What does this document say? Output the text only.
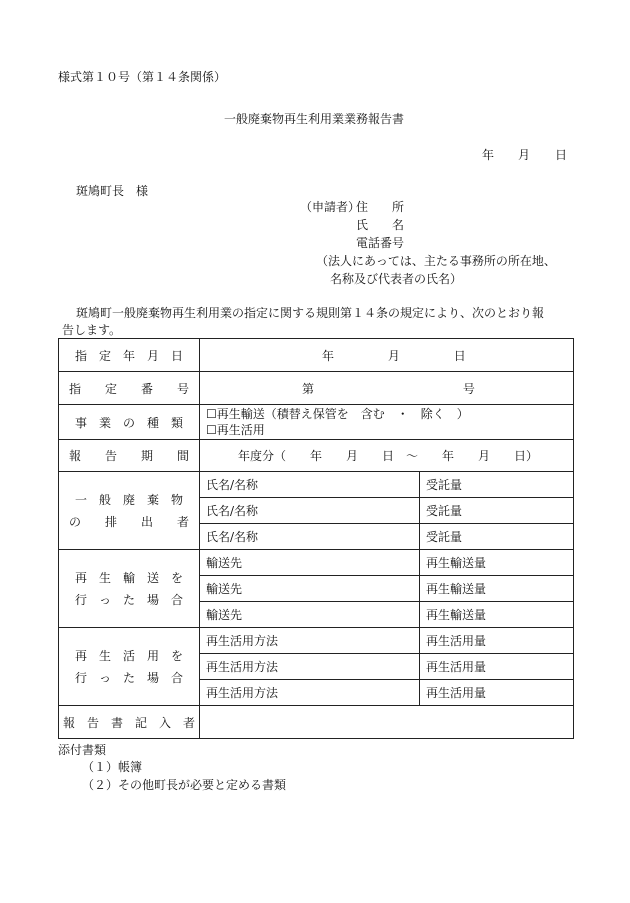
様式第１０号（第１４条関係）
一般廃棄物再生利用業業務報告書
年 月 日
斑鳩町長　様
（申請者）
住　　所
氏　　名
電話番号
（法人にあっては、主たる事務所の所在地、
名称及び代表者の氏名）
斑鳩町一般廃棄物再生利用業の指定に関する規則第１４条の規定により、次のとおり報
告します。
指　定　年　月　日	年 月 日	
指　　定　　番　　号	第 号	
事　業　の　種　類	☐再生輸送（積替え保管を　含む　・　除く　）
☐再生活用	

報　　告　　期　　間	年度分（　　年　　月　　日　～　　年　　月　　日）	

一　般　廃　棄　物
の　　排　　出　　者	氏名/名称	受託量
	氏名/名称	受託量
	氏名/名称	受託量

再　生　輸　送　を
行　っ　た　場　合	輸送先	再生輸送量
	輸送先	再生輸送量
	輸送先	再生輸送量

再　生　活　用　を
行　っ　た　場　合	再生活用方法	再生活用量
	再生活用方法	再生活用量
	再生活用方法	再生活用量
報　告　書　記　入　者		
添付書類
（１）帳簿
（２）その他町長が必要と定める書類
